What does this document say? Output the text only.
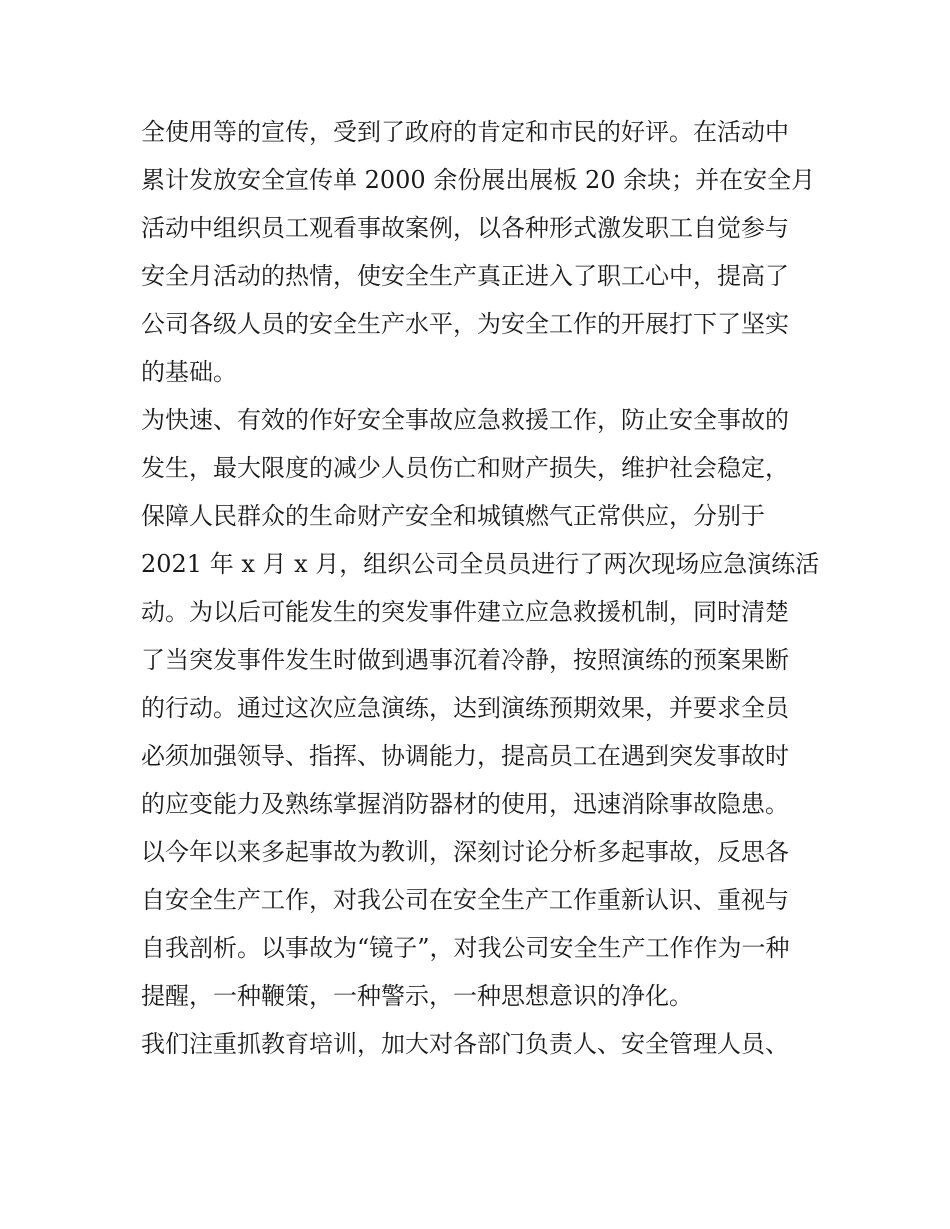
全使用等的宣传，受到了政府的肯定和市民的好评。在活动中
累计发放安全宣传单 2000 余份展出展板 20 余块；并在安全月
活动中组织员工观看事故案例，以各种形式激发职工自觉参与
安全月活动的热情，使安全生产真正进入了职工心中，提高了
公司各级人员的安全生产水平，为安全工作的开展打下了坚实
的基础。
为快速、有效的作好安全事故应急救援工作，防止安全事故的
发生，最大限度的减少人员伤亡和财产损失，维护社会稳定，
保障人民群众的生命财产安全和城镇燃气正常供应，分别于
2021 年 x 月 x 月，组织公司全员员进行了两次现场应急演练活
动。为以后可能发生的突发事件建立应急救援机制，同时清楚
了当突发事件发生时做到遇事沉着冷静，按照演练的预案果断
的行动。通过这次应急演练，达到演练预期效果，并要求全员
必须加强领导、指挥、协调能力，提高员工在遇到突发事故时
的应变能力及熟练掌握消防器材的使用，迅速消除事故隐患。
以今年以来多起事故为教训，深刻讨论分析多起事故，反思各
自安全生产工作，对我公司在安全生产工作重新认识、重视与
自我剖析。以事故为“镜子”，对我公司安全生产工作作为一种
提醒，一种鞭策，一种警示，一种思想意识的净化。
我们注重抓教育培训，加大对各部门负责人、安全管理人员、
